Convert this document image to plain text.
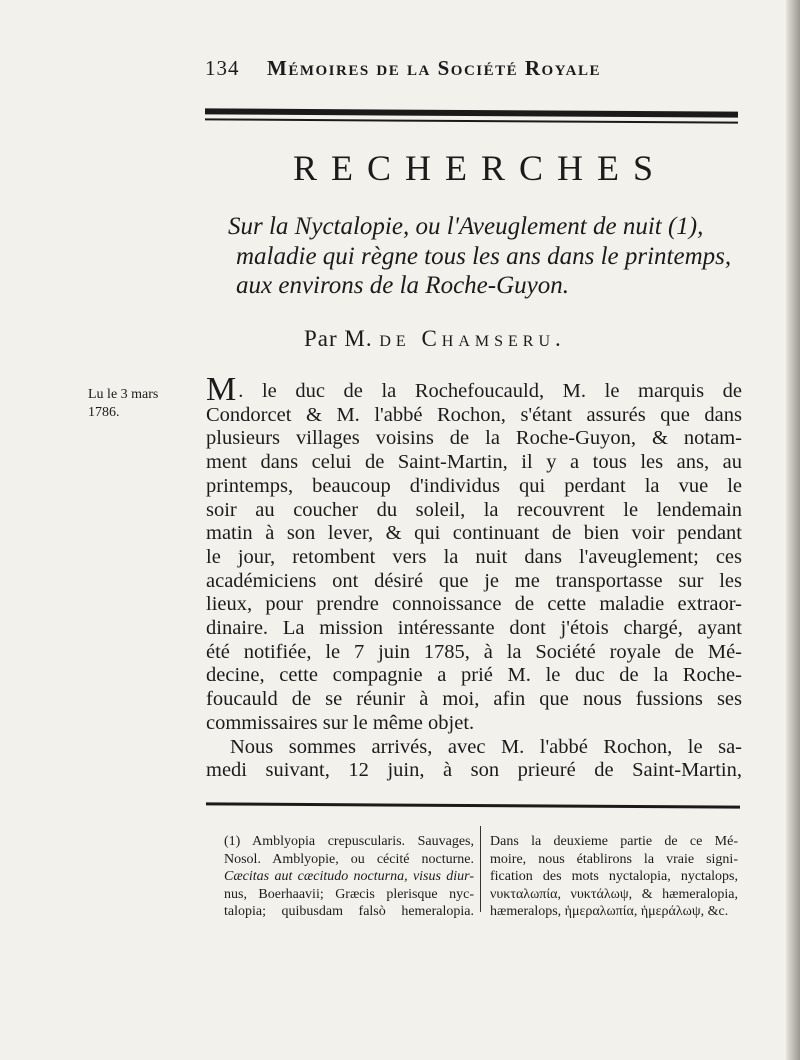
134 Mémoires de la Société Royale
RECHERCHES
Sur la Nyctalopie, ou l'Aveuglement de nuit (1),
maladie qui règne tous les ans dans le printemps,
aux environs de la Roche-Guyon.
Par M. de Chamseru.
Lu le 3 mars
1786.
M. le duc de la Rochefoucauld, M. le marquis de
Condorcet & M. l'abbé Rochon, s'étant assurés que dans
plusieurs villages voisins de la Roche-Guyon, & notam-
ment dans celui de Saint-Martin, il y a tous les ans, au
printemps, beaucoup d'individus qui perdant la vue le
soir au coucher du soleil, la recouvrent le lendemain
matin à son lever, & qui continuant de bien voir pendant
le jour, retombent vers la nuit dans l'aveuglement; ces
académiciens ont désiré que je me transportasse sur les
lieux, pour prendre connoissance de cette maladie extraor-
dinaire. La mission intéressante dont j'étois chargé, ayant
été notifiée, le 7 juin 1785, à la Société royale de Mé-
decine, cette compagnie a prié M. le duc de la Roche-
foucauld de se réunir à moi, afin que nous fussions ses
commissaires sur le même objet.
Nous sommes arrivés, avec M. l'abbé Rochon, le sa-
medi suivant, 12 juin, à son prieuré de Saint-Martin,
(1) Amblyopia crepuscularis. Sauvages,
Nosol. Amblyopie, ou cécité nocturne.
Cæcitas aut cæcitudo nocturna, visus diur-
nus, Boerhaavii; Græcis plerisque nyc-
talopia; quibusdam falsò hemeralopia.
Dans la deuxieme partie de ce Mé-
moire, nous établirons la vraie signi-
fication des mots nyctalopia, nyctalops,
νυκταλωπία, νυκτάλωψ, & hæmeralopia,
hæmeralops, ἡμεραλωπία, ἡμεράλωψ, &c.
